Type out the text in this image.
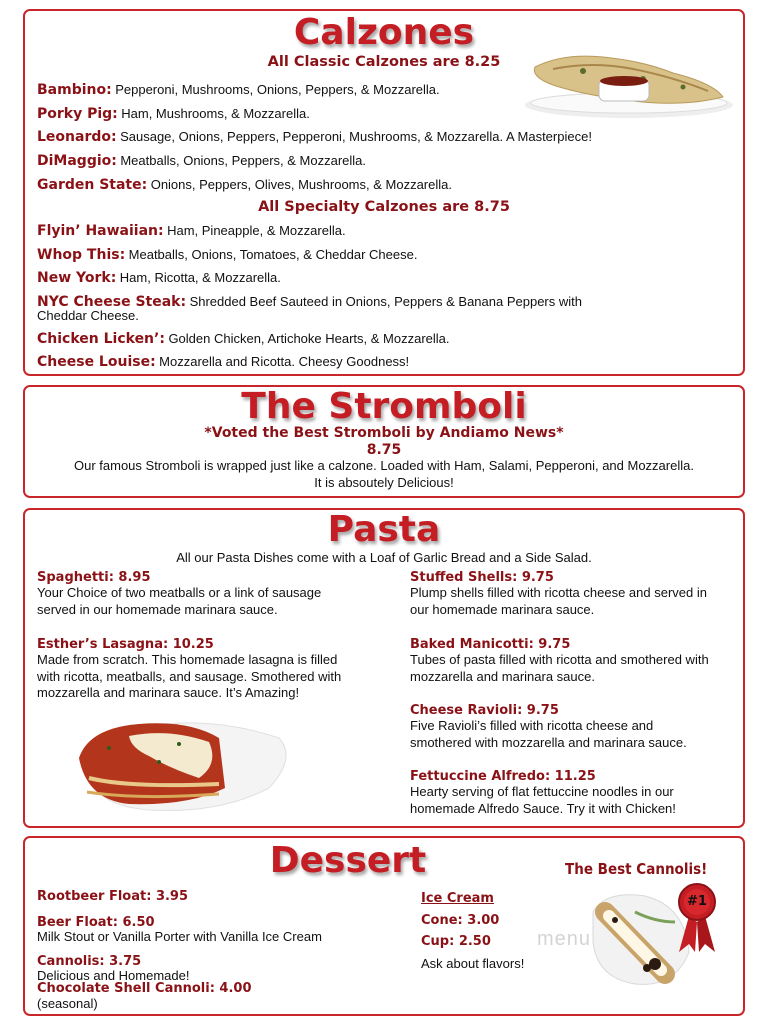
Calzones
All Classic Calzones are 8.25
Bambino: Pepperoni, Mushrooms, Onions, Peppers, & Mozzarella.
Porky Pig: Ham, Mushrooms, & Mozzarella.
Leonardo: Sausage, Onions, Peppers, Pepperoni, Mushrooms, & Mozzarella. A Masterpiece!
DiMaggio: Meatballs, Onions, Peppers, & Mozzarella.
Garden State: Onions, Peppers, Olives, Mushrooms, & Mozzarella.
All Specialty Calzones are 8.75
Flyin’ Hawaiian: Ham, Pineapple, & Mozzarella.
Whop This: Meatballs, Onions, Tomatoes, & Cheddar Cheese.
New York: Ham, Ricotta, & Mozzarella.
NYC Cheese Steak: Shredded Beef Sauteed in Onions, Peppers & Banana Peppers with
Cheddar Cheese.
Chicken Licken’: Golden Chicken, Artichoke Hearts, & Mozzarella.
Cheese Louise: Mozzarella and Ricotta. Cheesy Goodness!
The Stromboli
*Voted the Best Stromboli by Andiamo News*
8.75
Our famous Stromboli is wrapped just like a calzone. Loaded with Ham, Salami, Pepperoni, and Mozzarella.
It is absoutely Delicious!
Pasta
All our Pasta Dishes come with a Loaf of Garlic Bread and a Side Salad.
Spaghetti: 8.95
Your Choice of two meatballs or a link of sausage
served in our homemade marinara sauce.
Esther’s Lasagna: 10.25
Made from scratch. This homemade lasagna is filled
with ricotta, meatballs, and sausage. Smothered with
mozzarella and marinara sauce. It’s Amazing!
Stuffed Shells: 9.75
Plump shells filled with ricotta cheese and served in
our homemade marinara sauce.
Baked Manicotti: 9.75
Tubes of pasta filled with ricotta and smothered with
mozzarella and marinara sauce.
Cheese Ravioli: 9.75
Five Ravioli’s filled with ricotta cheese and
smothered with mozzarella and marinara sauce.
Fettuccine Alfredo: 11.25
Hearty serving of flat fettuccine noodles in our
homemade Alfredo Sauce. Try it with Chicken!
Dessert	The Best Cannolis!
#1
menu
Rootbeer Float: 3.95
Beer Float: 6.50
Milk Stout or Vanilla Porter with Vanilla Ice Cream
Cannolis: 3.75
Delicious and Homemade!
Chocolate Shell Cannoli: 4.00
(seasonal)
Ice Cream
Cone: 3.00
Cup: 2.50
Ask about flavors!
